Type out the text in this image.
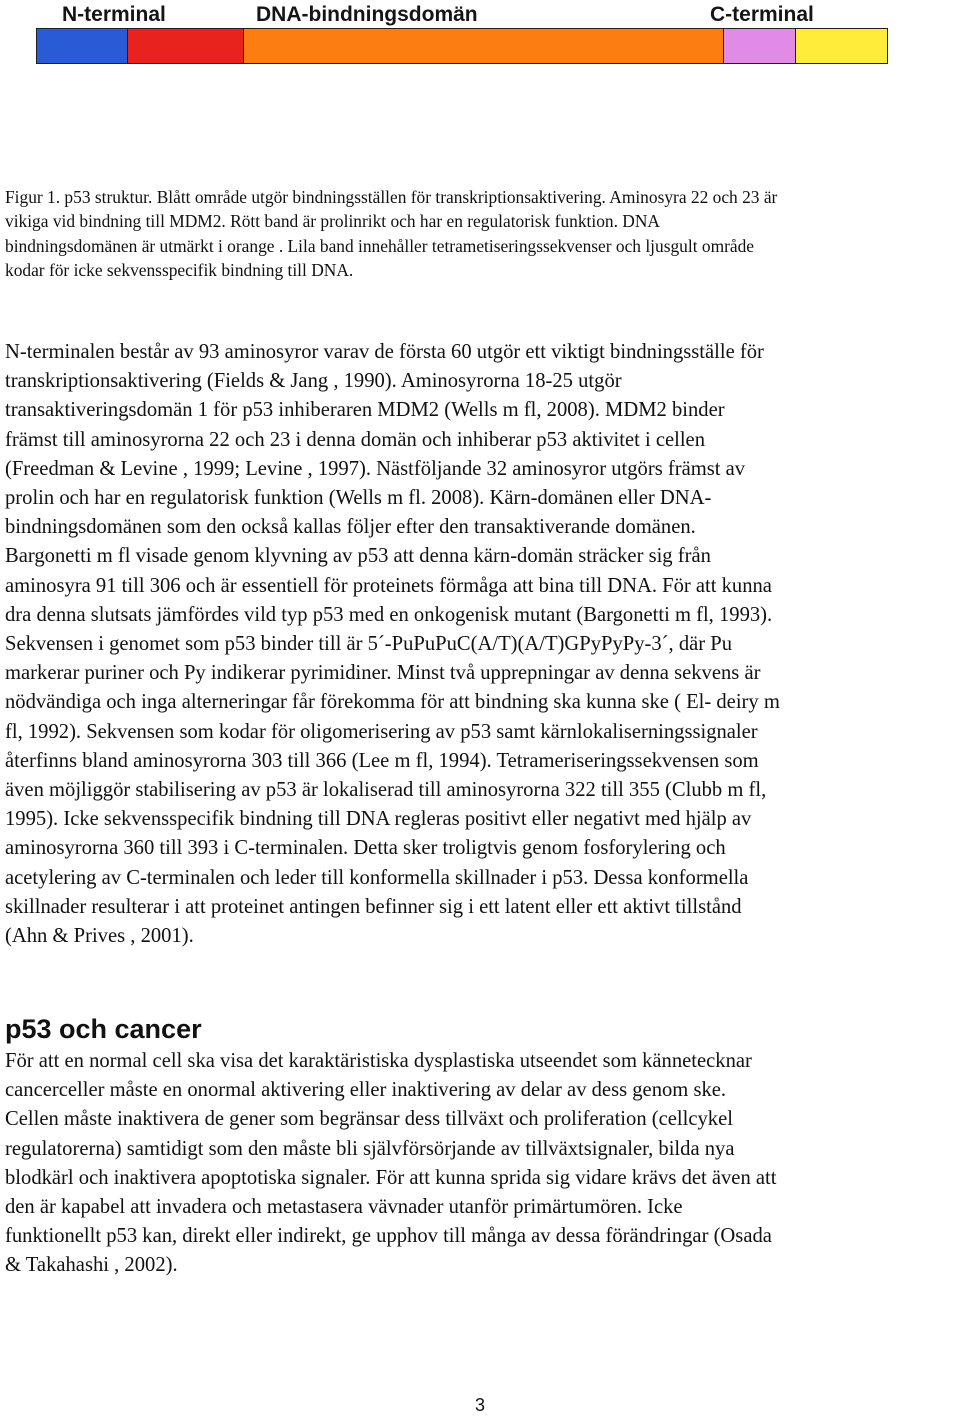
N-terminal	DNA-bindningsdomän	C-terminal
Figur 1. p53 struktur. Blått område utgör bindningsställen för transkriptionsaktivering. Aminosyra 22 och 23 är
vikiga vid bindning till MDM2. Rött band är prolinrikt och har en regulatorisk funktion. DNA
bindningsdomänen är utmärkt i orange . Lila band innehåller tetrametiseringssekvenser och ljusgult område
kodar för icke sekvensspecifik bindning till DNA.
N-terminalen består av 93 aminosyror varav de första 60 utgör ett viktigt bindningsställe för
transkriptionsaktivering (Fields & Jang , 1990). Aminosyrorna 18-25 utgör
transaktiveringsdomän 1 för p53 inhiberaren MDM2 (Wells m fl, 2008). MDM2 binder
främst till aminosyrorna 22 och 23 i denna domän och inhiberar p53 aktivitet i cellen
(Freedman & Levine , 1999; Levine , 1997). Nästföljande 32 aminosyror utgörs främst av
prolin och har en regulatorisk funktion (Wells m fl. 2008). Kärn-domänen eller DNA-
bindningsdomänen som den också kallas följer efter den transaktiverande domänen.
Bargonetti m fl visade genom klyvning av p53 att denna kärn-domän sträcker sig från
aminosyra 91 till 306 och är essentiell för proteinets förmåga att bina till DNA. För att kunna
dra denna slutsats jämfördes vild typ p53 med en onkogenisk mutant (Bargonetti m fl, 1993).
Sekvensen i genomet som p53 binder till är 5´-PuPuPuC(A/T)(A/T)GPyPyPy-3´, där Pu
markerar puriner och Py indikerar pyrimidiner. Minst två upprepningar av denna sekvens är
nödvändiga och inga alterneringar får förekomma för att bindning ska kunna ske ( El- deiry m
fl, 1992). Sekvensen som kodar för oligomerisering av p53 samt kärnlokaliserningssignaler
återfinns bland aminosyrorna 303 till 366 (Lee m fl, 1994). Tetrameriseringssekvensen som
även möjliggör stabilisering av p53 är lokaliserad till aminosyrorna 322 till 355 (Clubb m fl,
1995). Icke sekvensspecifik bindning till DNA regleras positivt eller negativt med hjälp av
aminosyrorna 360 till 393 i C-terminalen. Detta sker troligtvis genom fosforylering och
acetylering av C-terminalen och leder till konformella skillnader i p53. Dessa konformella
skillnader resulterar i att proteinet antingen befinner sig i ett latent eller ett aktivt tillstånd
(Ahn & Prives , 2001).
p53 och cancer
För att en normal cell ska visa det karaktäristiska dysplastiska utseendet som kännetecknar
cancerceller måste en onormal aktivering eller inaktivering av delar av dess genom ske.
Cellen måste inaktivera de gener som begränsar dess tillväxt och proliferation (cellcykel
regulatorerna) samtidigt som den måste bli självförsörjande av tillväxtsignaler, bilda nya
blodkärl och inaktivera apoptotiska signaler. För att kunna sprida sig vidare krävs det även att
den är kapabel att invadera och metastasera vävnader utanför primärtumören. Icke
funktionellt p53 kan, direkt eller indirekt, ge upphov till många av dessa förändringar (Osada
& Takahashi , 2002).
3
